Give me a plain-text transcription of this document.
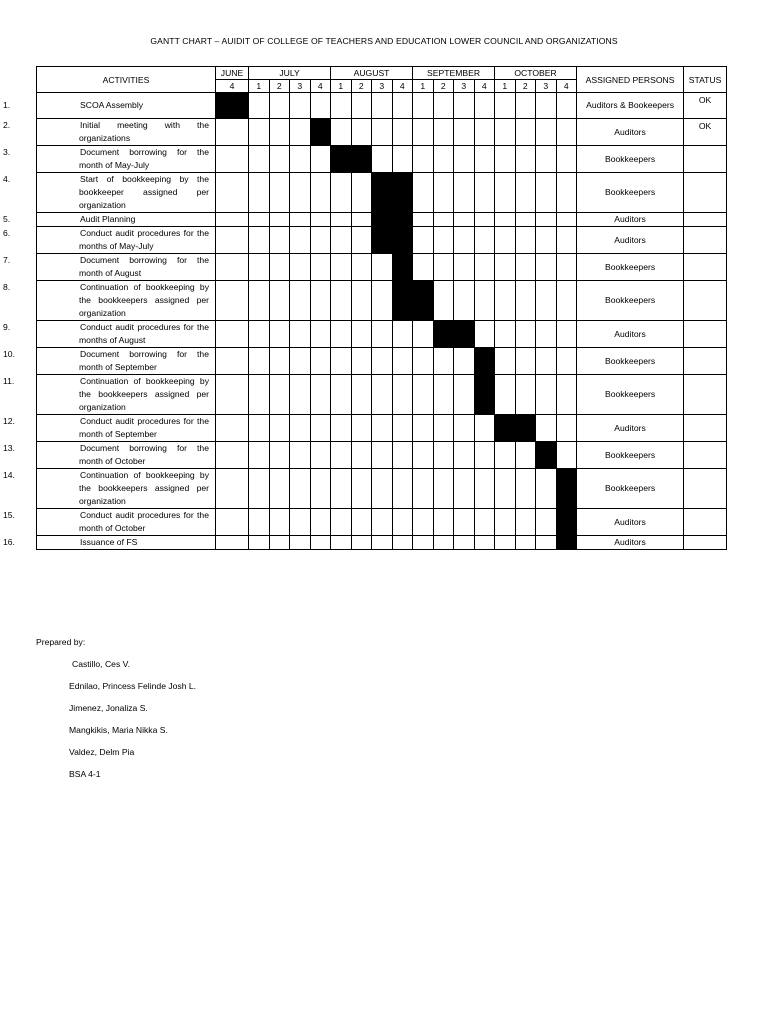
GANTT CHART – AUIDIT OF COLLEGE OF TEACHERS AND EDUCATION LOWER COUNCIL AND ORGANIZATIONS
ACTIVITIES	JUNE	JULY				AUGUST				SEPTEMBER				OCTOBER				ASSIGNED PERSONS	STATUS
	4	1	2	3	4	1	2	3	4	1	2	3	4	1	2	3	4		

1. SCOA Assembly																		Auditors & Bookeepers	OK

2. Initial meeting with the organizations																		Auditors	OK

3. Document borrowing for the month of May-July																		Bookkeepers	

4. Start of bookkeeping by the bookkeeper assigned per organization																		Bookkeepers	

5. Audit Planning																		Auditors	

6. Conduct audit procedures for the months of May-July																		Auditors	

7. Document borrowing for the month of August																		Bookkeepers	

8. Continuation of bookkeeping by the bookkeepers assigned per organization																		Bookkeepers	

9. Conduct audit procedures for the months of August																		Auditors	

10. Document borrowing for the month of September																		Bookkeepers	

11. Continuation of bookkeeping by the bookkeepers assigned per organization																		Bookkeepers	

12. Conduct audit procedures for the month of September																		Auditors	

13. Document borrowing for the month of October																		Bookkeepers	

14. Continuation of bookkeeping by the bookkeepers assigned per organization																		Bookkeepers	

15. Conduct audit procedures for the month of October																		Auditors	

16. Issuance of FS																		Auditors	
Prepared by:
Castillo, Ces V.
Ednilao, Princess Felinde Josh L.
Jimenez, Jonaliza S.
Mangkikis, Maria Nikka S.
Valdez, Delm Pia
BSA 4-1
